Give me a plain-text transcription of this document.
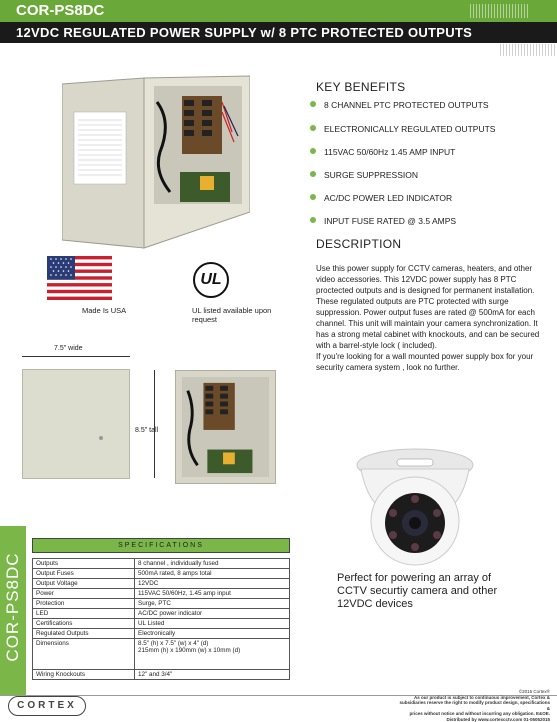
COR-PS8DC
12VDC REGULATED POWER SUPPLY w/ 8 PTC PROTECTED OUTPUTS
KEY BENEFITS
8 CHANNEL PTC PROTECTED OUTPUTS
ELECTRONICALLY REGULATED OUTPUTS
115VAC 50/60Hz 1.45 AMP INPUT
SURGE SUPPRESSION
AC/DC POWER LED INDICATOR
INPUT FUSE RATED @ 3.5 AMPS
DESCRIPTION

Use this power supply for CCTV cameras, heaters, and other video accessories. This 12VDC power supply has 8 PTC proctected outputs and is designed for permanent installation. These regulated outputs are PTC protected with surge suppression. Power output fuses are rated @ 500mA for each channel. This unit will maintain your camera synchronization. It has a strong metal cabinet with knockouts, and can be secured with a barrel-style lock ( included).

If you're looking for a wall mounted power supply box for your security camera system , look no further.

Made Is USA
UL
UL listed available upon request
7.5" wide
8.5" tall
SPECIFICATIONS
Outputs	8 channel , individually fused
Output Fuses	500mA rated, 8 amps total
Output Voltage	12VDC
Power	115VAC 50/60Hz, 1.45 amp input
Protection	Surge, PTC
LED	AC/DC power indicator
Certifications	UL Listed
Regulated Outputs	Electronically
Dimensions	8.5" (h) x 7.5" (w) x 4" (d)
215mm (h) x 190mm (w) x 10mm (d)

Wiring Knockouts	12" and 3/4"
COR-PS8DC	Perfect for powering an array of CCTV securtiy camera and other 12VDC devices
CORTEX
©2015 Cortex®
As our product is subject to continuous improvement, Cortex &
subsidiaries reserve the right to modify product design, specifications &
prices without notice and without incurring any obligation. E&OE.
Distributed by www.cortexcctv.com 01-05052015
